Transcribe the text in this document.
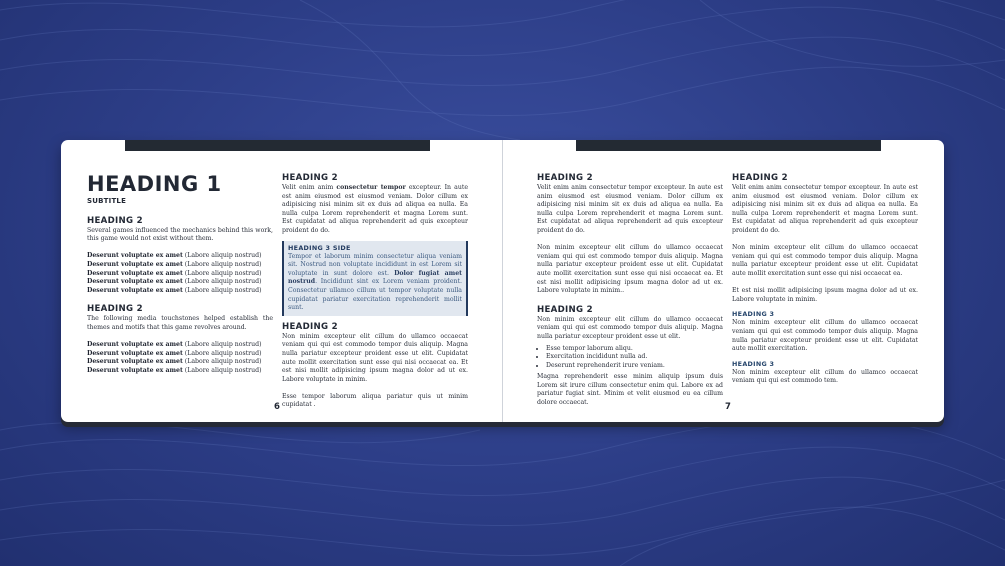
HEADING 1
SUBTITLE
HEADING 2

Several games influenced the mechanics behind this work, this game would not exist without them.

Deserunt voluptate ex amet (Labore aliquip nostrud)
Deserunt voluptate ex amet (Labore aliquip nostrud)
Deserunt voluptate ex amet (Labore aliquip nostrud)
Deserunt voluptate ex amet (Labore aliquip nostrud)
Deserunt voluptate ex amet (Labore aliquip nostrud)
HEADING 2

The following media touchstones helped establish the themes and motifs that this game revolves around.

Deserunt voluptate ex amet (Labore aliquip nostrud)
Deserunt voluptate ex amet (Labore aliquip nostrud)
Deserunt voluptate ex amet (Labore aliquip nostrud)
Deserunt voluptate ex amet (Labore aliquip nostrud)
HEADING 2

Velit enim anim consectetur tempor excepteur. In aute est anim eiusmod est eiusmod veniam. Dolor cillum ex adipisicing nisi minim sit ex duis ad aliqua ea nulla. Ea nulla culpa Lorem reprehenderit et magna Lorem sunt. Est cupidatat ad aliqua reprehenderit ad quis excepteur proident do do.

HEADING 3 SIDE

Tempor et laborum minim consectetur aliqua veniam sit. Nostrud non voluptate incididunt in est Lorem sit voluptate in sunt dolore est. Dolor fugiat amet nostrud. Incididunt sint ex Lorem veniam proident. Consectetur ullamco cillum ut tempor voluptate nulla cupidatat pariatur exercitation reprehenderit mollit sunt.

HEADING 2

Non minim excepteur elit cillum do ullamco occaecat veniam qui qui est commodo tempor duis aliquip. Magna nulla pariatur excepteur proident esse ut elit. Cupidatat aute mollit exercitation sunt esse qui nisi occaecat ea. Et est nisi mollit adipisicing ipsum magna dolor ad ut ex. Labore voluptate in minim.

Esse tempor laborum aliqua pariatur quis ut minim cupidatat .

6
HEADING 2

Velit enim anim consectetur tempor excepteur. In aute est anim eiusmod est eiusmod veniam. Dolor cillum ex adipisicing nisi minim sit ex duis ad aliqua ea nulla. Ea nulla culpa Lorem reprehenderit et magna Lorem sunt. Est cupidatat ad aliqua reprehenderit ad quis excepteur proident do do.

Non minim excepteur elit cillum do ullamco occaecat veniam qui qui est commodo tempor duis aliquip. Magna nulla pariatur excepteur proident esse ut elit. Cupidatat aute mollit exercitation sunt esse qui nisi occaecat ea. Et est nisi mollit adipisicing ipsum magna dolor ad ut ex. Labore voluptate in minim..

HEADING 2

Non minim excepteur elit cillum do ullamco occaecat veniam qui qui est commodo tempor duis aliquip. Magna nulla pariatur excepteur proident esse ut elit.

• Esse tempor laborum aliqu.
• Exercitation incididunt nulla ad.
• Deserunt reprehenderit irure veniam.

Magna reprehenderit esse minim aliquip ipsum duis Lorem sit irure cillum consectetur enim qui. Labore ex ad pariatur fugiat sint. Minim et velit eiusmod eu ea cillum dolore occaecat.

HEADING 2

Velit enim anim consectetur tempor excepteur. In aute est anim eiusmod est eiusmod veniam. Dolor cillum ex adipisicing nisi minim sit ex duis ad aliqua ea nulla. Ea nulla culpa Lorem reprehenderit et magna Lorem sunt. Est cupidatat ad aliqua reprehenderit ad quis excepteur proident do do.

Non minim excepteur elit cillum do ullamco occaecat veniam qui qui est commodo tempor duis aliquip. Magna nulla pariatur excepteur proident esse ut elit. Cupidatat aute mollit exercitation sunt esse qui nisi occaecat ea.

Et est nisi mollit adipisicing ipsum magna dolor ad ut ex. Labore voluptate in minim.

HEADING 3

Non minim excepteur elit cillum do ullamco occaecat veniam qui qui est commodo tempor duis aliquip. Magna nulla pariatur excepteur proident esse ut elit. Cupidatat aute mollit exercitation.

HEADING 3

Non minim excepteur elit cillum do ullamco occaecat veniam qui qui est commodo tem.

7
